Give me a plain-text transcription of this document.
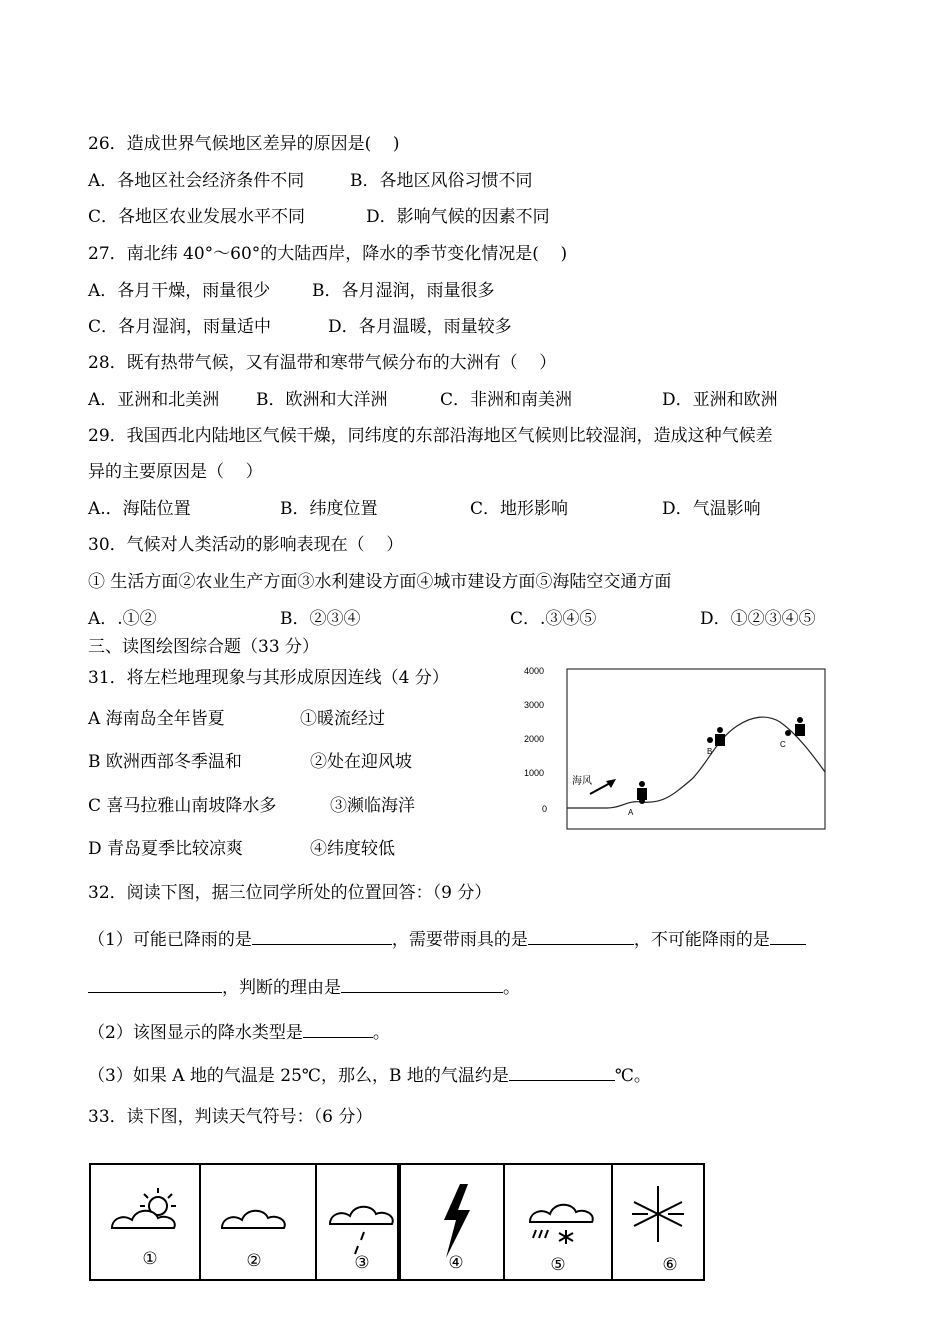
26．造成世界气候地区差异的原因是(    )
A．各地区社会经济条件不同	B．各地区风俗习惯不同
C．各地区农业发展水平不同	D．影响气候的因素不同
27．南北纬 40°～60°的大陆西岸，降水的季节变化情况是(    )
A．各月干燥，雨量很少 B．各月湿润，雨量很多
C．各月湿润，雨量适中	D．各月温暖，雨量较多
28．既有热带气候，又有温带和寒带气候分布的大洲有（    ）
A．亚洲和北美洲 B．欧洲和大洋洲	C．非洲和南美洲	D．亚洲和欧洲
29．我国西北内陆地区气候干燥，同纬度的东部沿海地区气候则比较湿润，造成这种气候差
异的主要原因是（    ）
A.．海陆位置	B．纬度位置	C．地形影响	D．气温影响
30．气候对人类活动的影响表现在（    ）
① 生活方面②农业生产方面③水利建设方面④城市建设方面⑤海陆空交通方面
A．.①②	B．②③④	C．.③④⑤	D．①②③④⑤
三、读图绘图综合题（33 分）
31．将左栏地理现象与其形成原因连线（4 分）
A 海南岛全年皆夏	①暖流经过
B 欧洲西部冬季温和	②处在迎风坡
C 喜马拉雅山南坡降水多	③濒临海洋
D 青岛夏季比较凉爽	④纬度较低
4000
3000
2000
1000
0
海风
A
B
C
32．阅读下图，据三位同学所处的位置回答：（9 分）
（1）可能已降雨的是	，需要带雨具的是	，不可能降雨的是
，判断的理由是	。
（2）该图显示的降水类型是	。
（3）如果 A 地的气温是 25℃，那么，B 地的气温约是	℃。
33．读下图，判读天气符号：（6 分）
①	②	③	④	⑤	⑥
